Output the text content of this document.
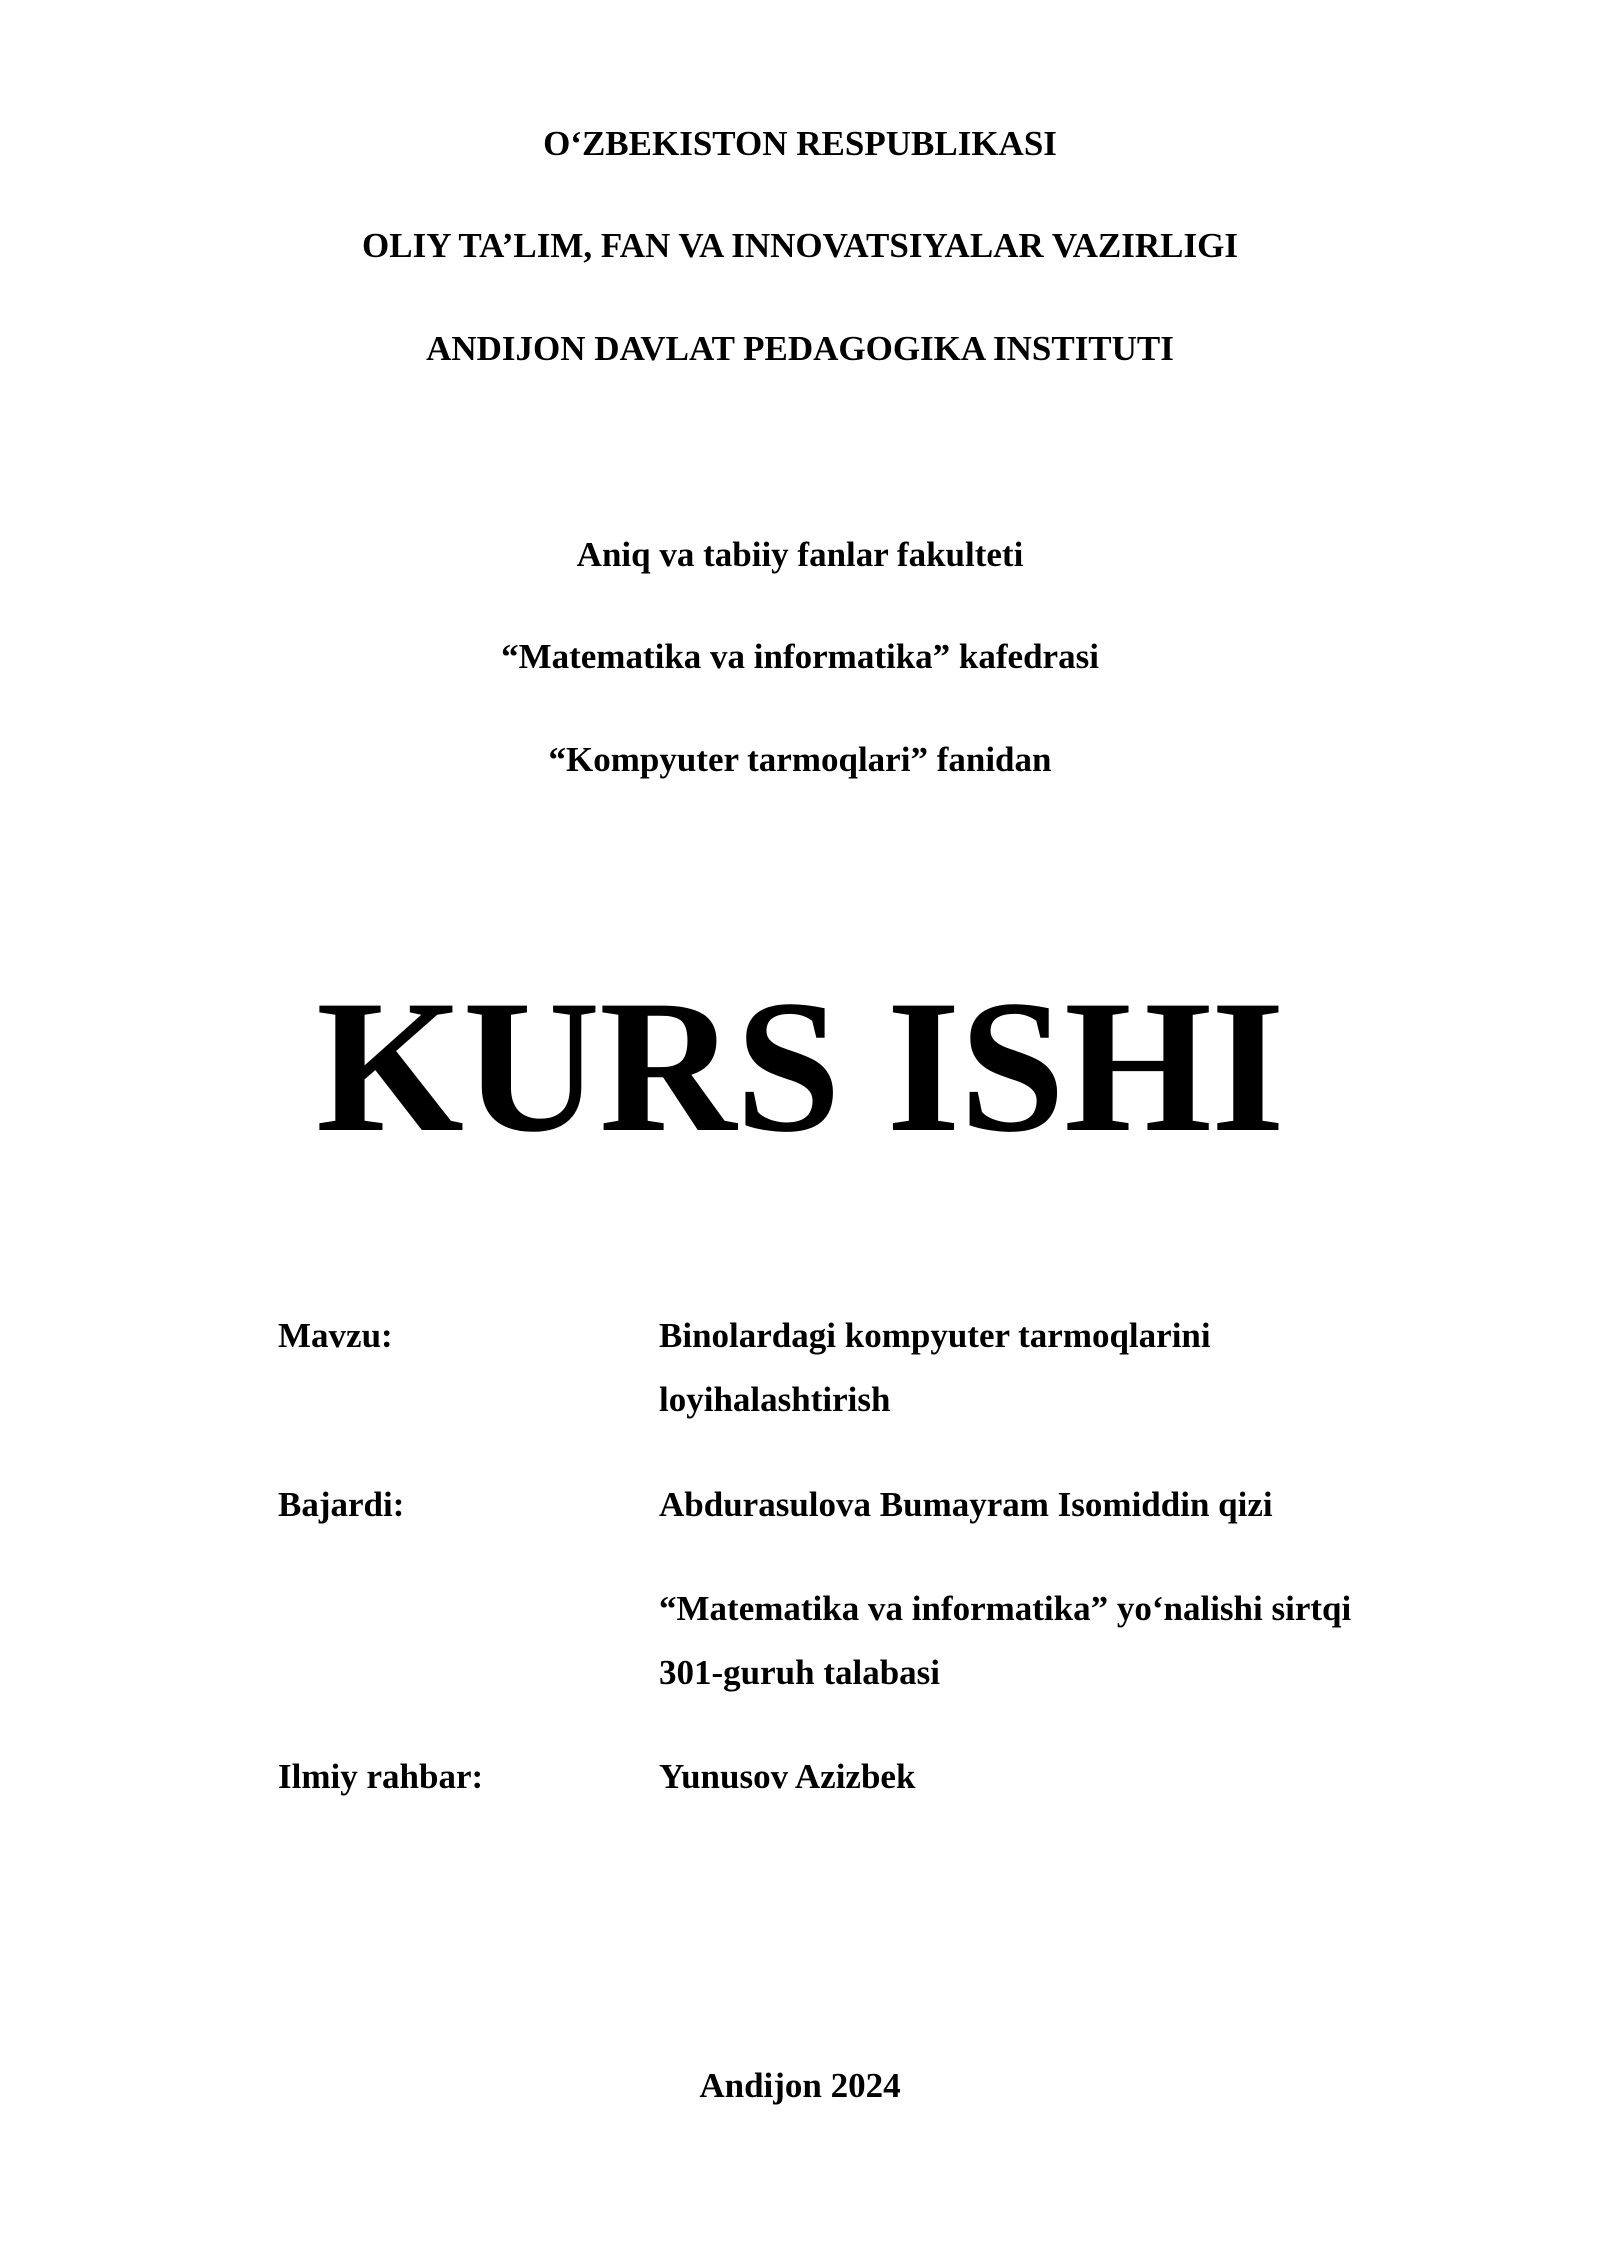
O‘ZBEKISTON RESPUBLIKASI
OLIY TA’LIM, FAN VA INNOVATSIYALAR VAZIRLIGI
ANDIJON DAVLAT PEDAGOGIKA INSTITUTI
Aniq va tabiiy fanlar fakulteti
“Matematika va informatika” kafedrasi
“Kompyuter tarmoqlari” fanidan
KURS ISHI
Mavzu:	Binolardagi kompyuter tarmoqlarini
loyihalashtirish
Bajardi:	Abdurasulova Bumayram Isomiddin qizi
“Matematika va informatika” yo‘nalishi sirtqi
301-guruh talabasi
Ilmiy rahbar:	Yunusov Azizbek
Andijon 2024
